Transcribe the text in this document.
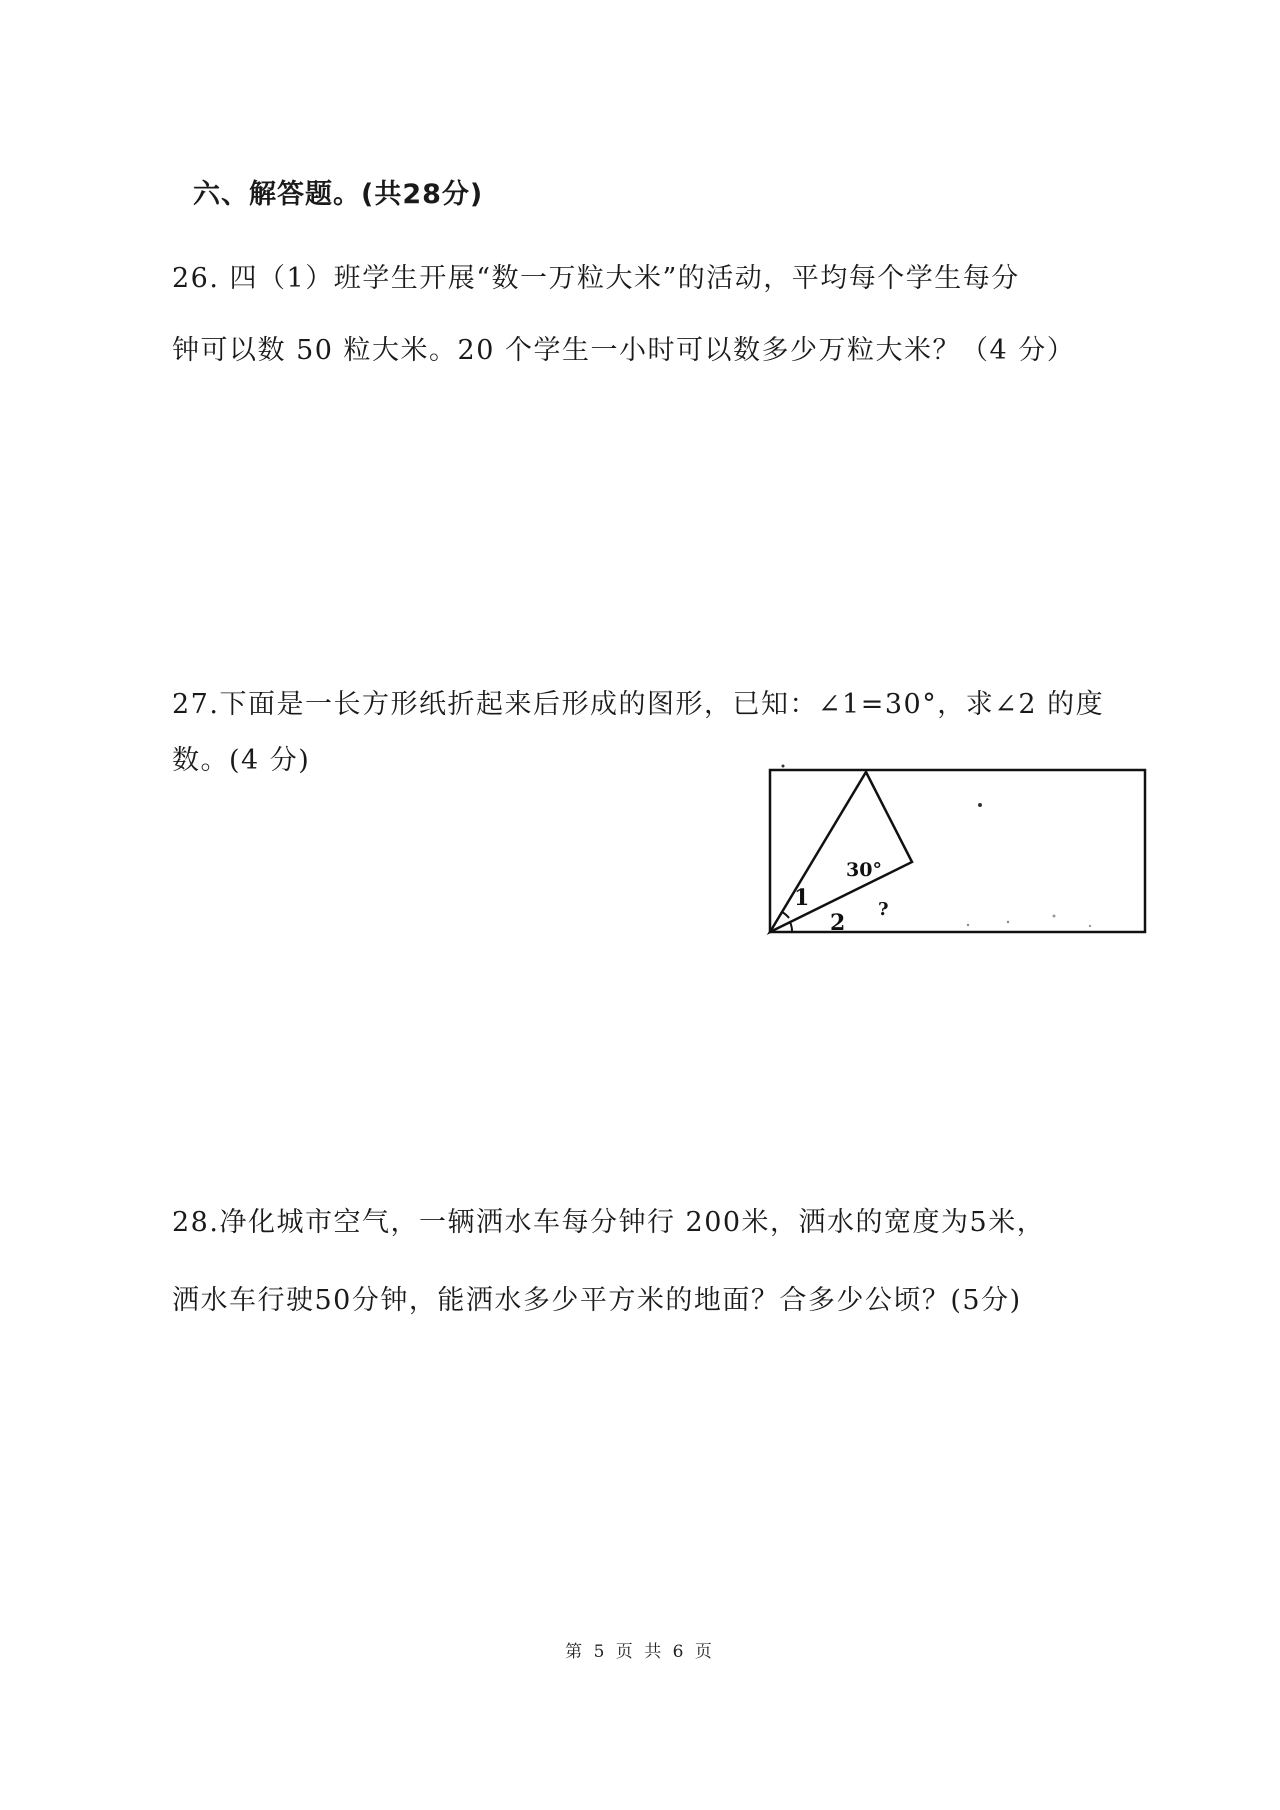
六、解答题。(共28分)
26. 四（1）班学生开展“数一万粒大米”的活动，平均每个学生每分
钟可以数 50 粒大米。20 个学生一小时可以数多少万粒大米？（4 分）
27.下面是一长方形纸折起来后形成的图形，已知：∠1=30°，求∠2 的度
数。(4 分)
30°
1
2
?
28.净化城市空气，一辆洒水车每分钟行 200米，洒水的宽度为5米，
洒水车行驶50分钟，能洒水多少平方米的地面？合多少公顷？(5分)
第 5 页 共 6 页
